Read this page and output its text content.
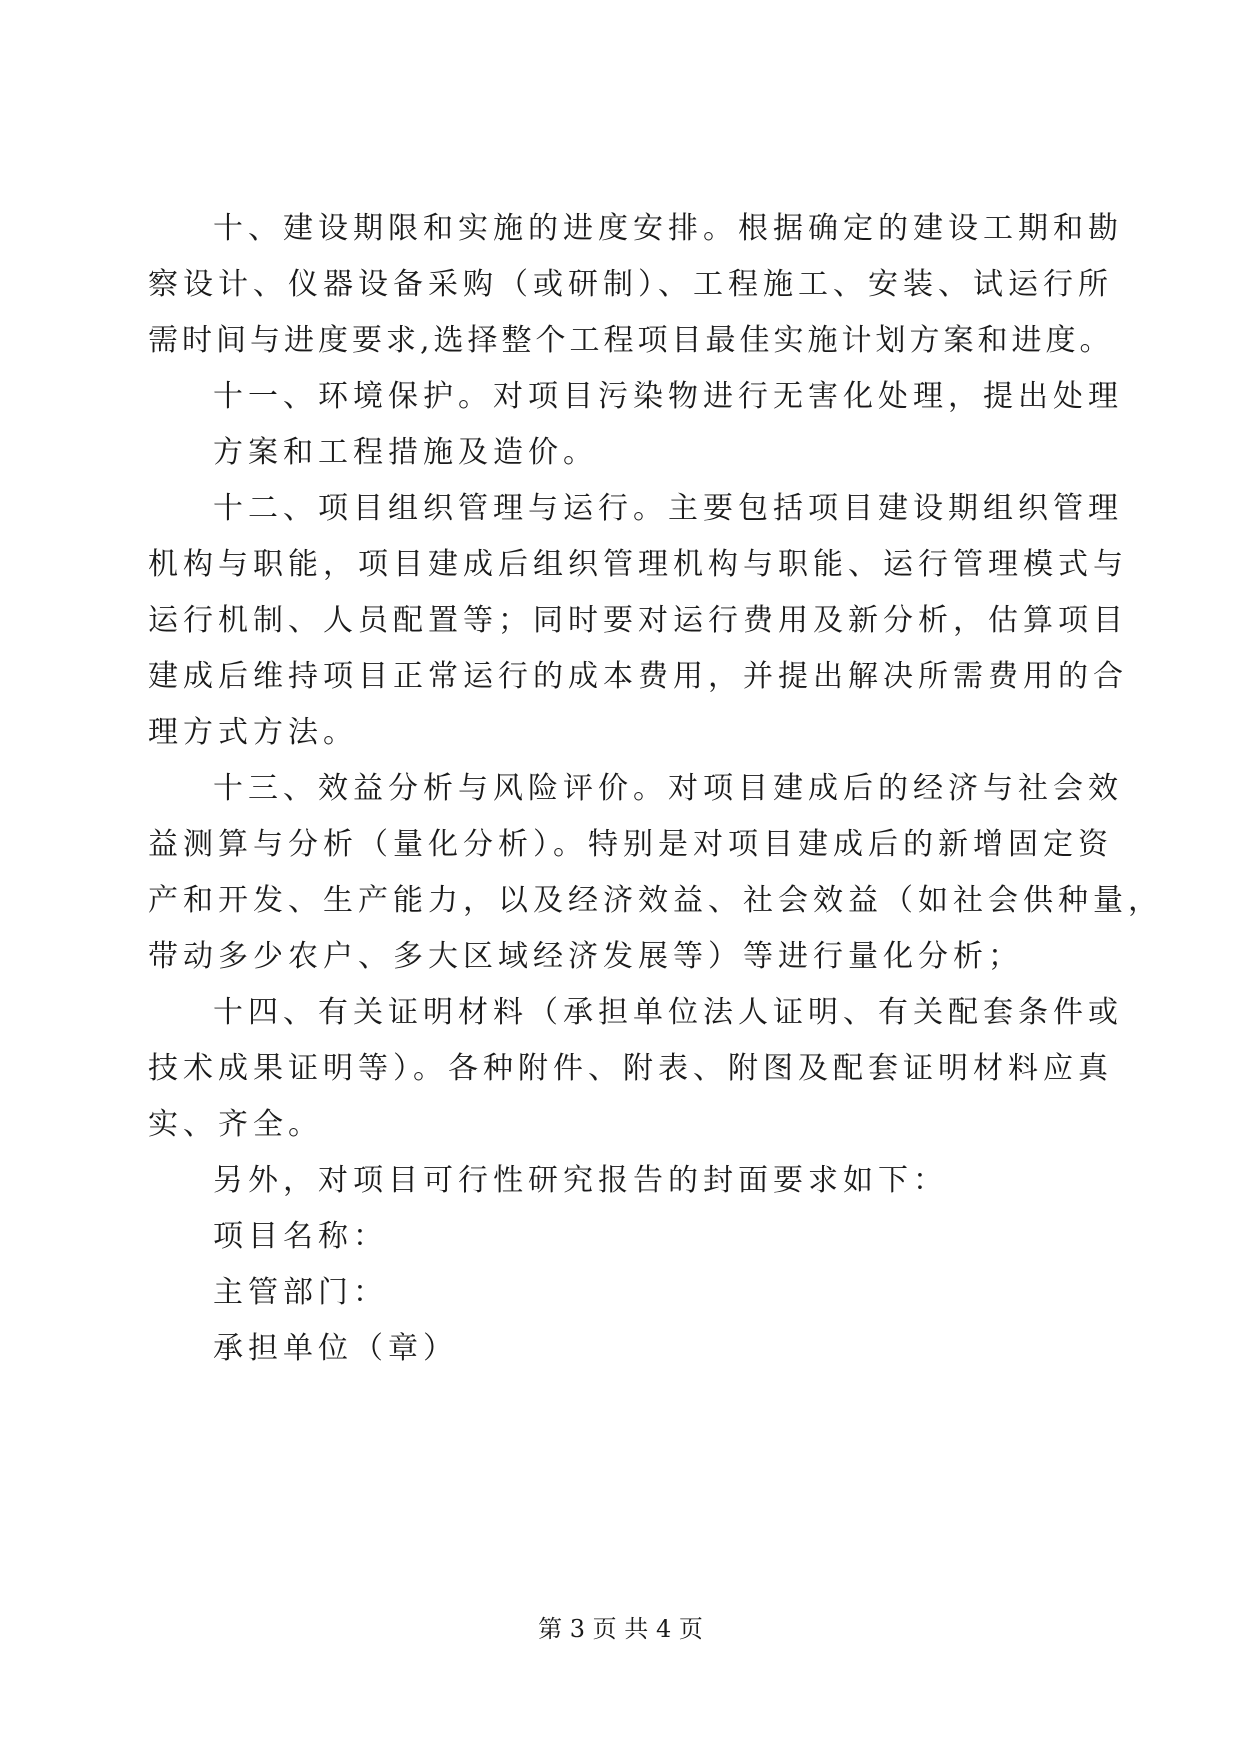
十、建设期限和实施的进度安排。根据确定的建设工期和勘
察设计、仪器设备采购（或研制）、工程施工、安装、试运行所
需时间与进度要求,选择整个工程项目最佳实施计划方案和进度。
十一、环境保护。对项目污染物进行无害化处理，提出处理
方案和工程措施及造价。
十二、项目组织管理与运行。主要包括项目建设期组织管理
机构与职能，项目建成后组织管理机构与职能、运行管理模式与
运行机制、人员配置等；同时要对运行费用及新分析，估算项目
建成后维持项目正常运行的成本费用，并提出解决所需费用的合
理方式方法。
十三、效益分析与风险评价。对项目建成后的经济与社会效
益测算与分析（量化分析）。特别是对项目建成后的新增固定资
产和开发、生产能力，以及经济效益、社会效益（如社会供种量，
带动多少农户、多大区域经济发展等）等进行量化分析；
十四、有关证明材料（承担单位法人证明、有关配套条件或
技术成果证明等）。各种附件、附表、附图及配套证明材料应真
实、齐全。
另外，对项目可行性研究报告的封面要求如下：
项目名称：
主管部门：
承担单位（章）
第 3 页 共 4 页
